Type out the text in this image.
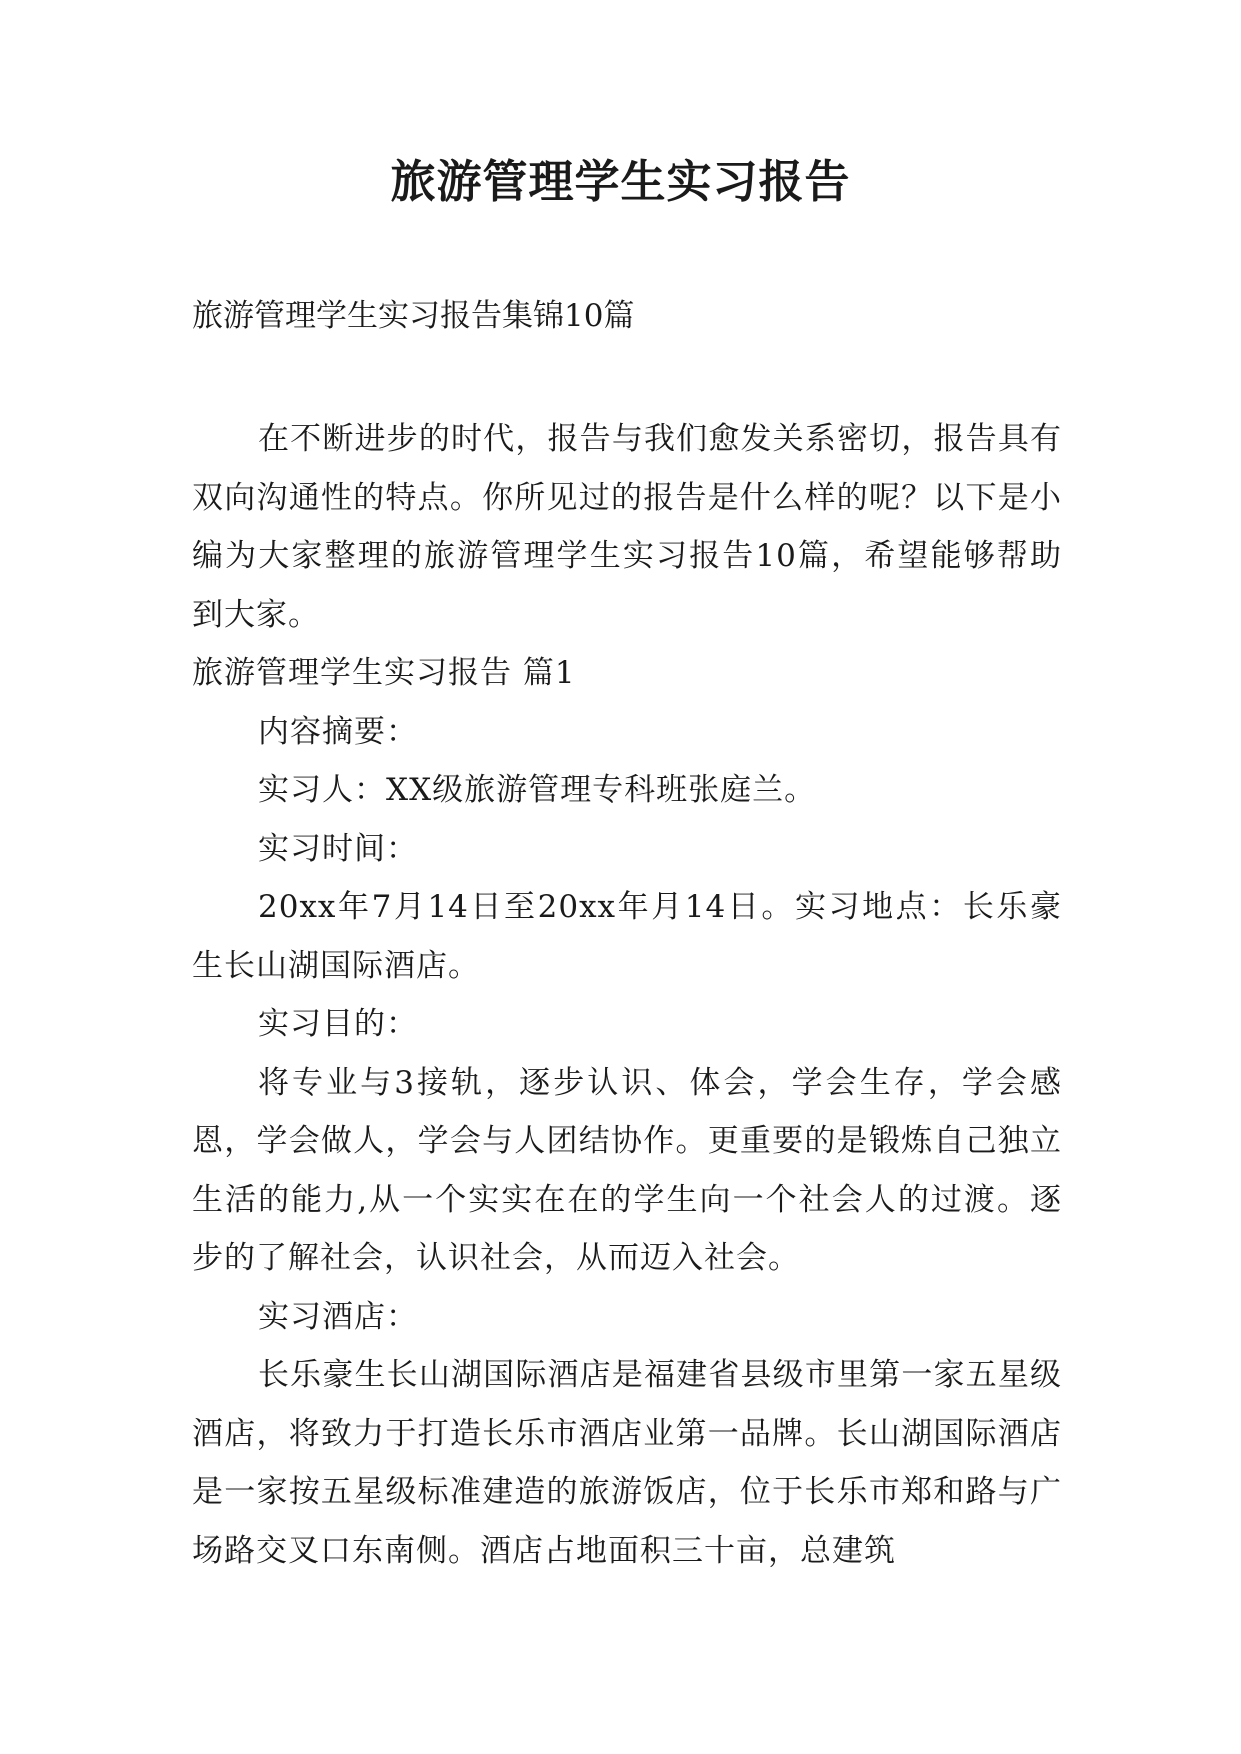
旅游管理学生实习报告

旅游管理学生实习报告集锦10篇

在不断进步的时代，报告与我们愈发关系密切，报告具有双向沟通性的特点。你所见过的报告是什么样的呢？以下是小编为大家整理的旅游管理学生实习报告10篇，希望能够帮助到大家。

旅游管理学生实习报告 篇1

内容摘要：

实习人：XX级旅游管理专科班张庭兰。

实习时间：

20xx年7月14日至20xx年月14日。实习地点：长乐豪生长山湖国际酒店。

实习目的：

将专业与3接轨，逐步认识、体会，学会生存，学会感恩，学会做人，学会与人团结协作。更重要的是锻炼自己独立生活的能力,从一个实实在在的学生向一个社会人的过渡。逐步的了解社会，认识社会，从而迈入社会。

实习酒店：

长乐豪生长山湖国际酒店是福建省县级市里第一家五星级酒店，将致力于打造长乐市酒店业第一品牌。长山湖国际酒店是一家按五星级标准建造的旅游饭店，位于长乐市郑和路与广场路交叉口东南侧。酒店占地面积三十亩，总建筑
